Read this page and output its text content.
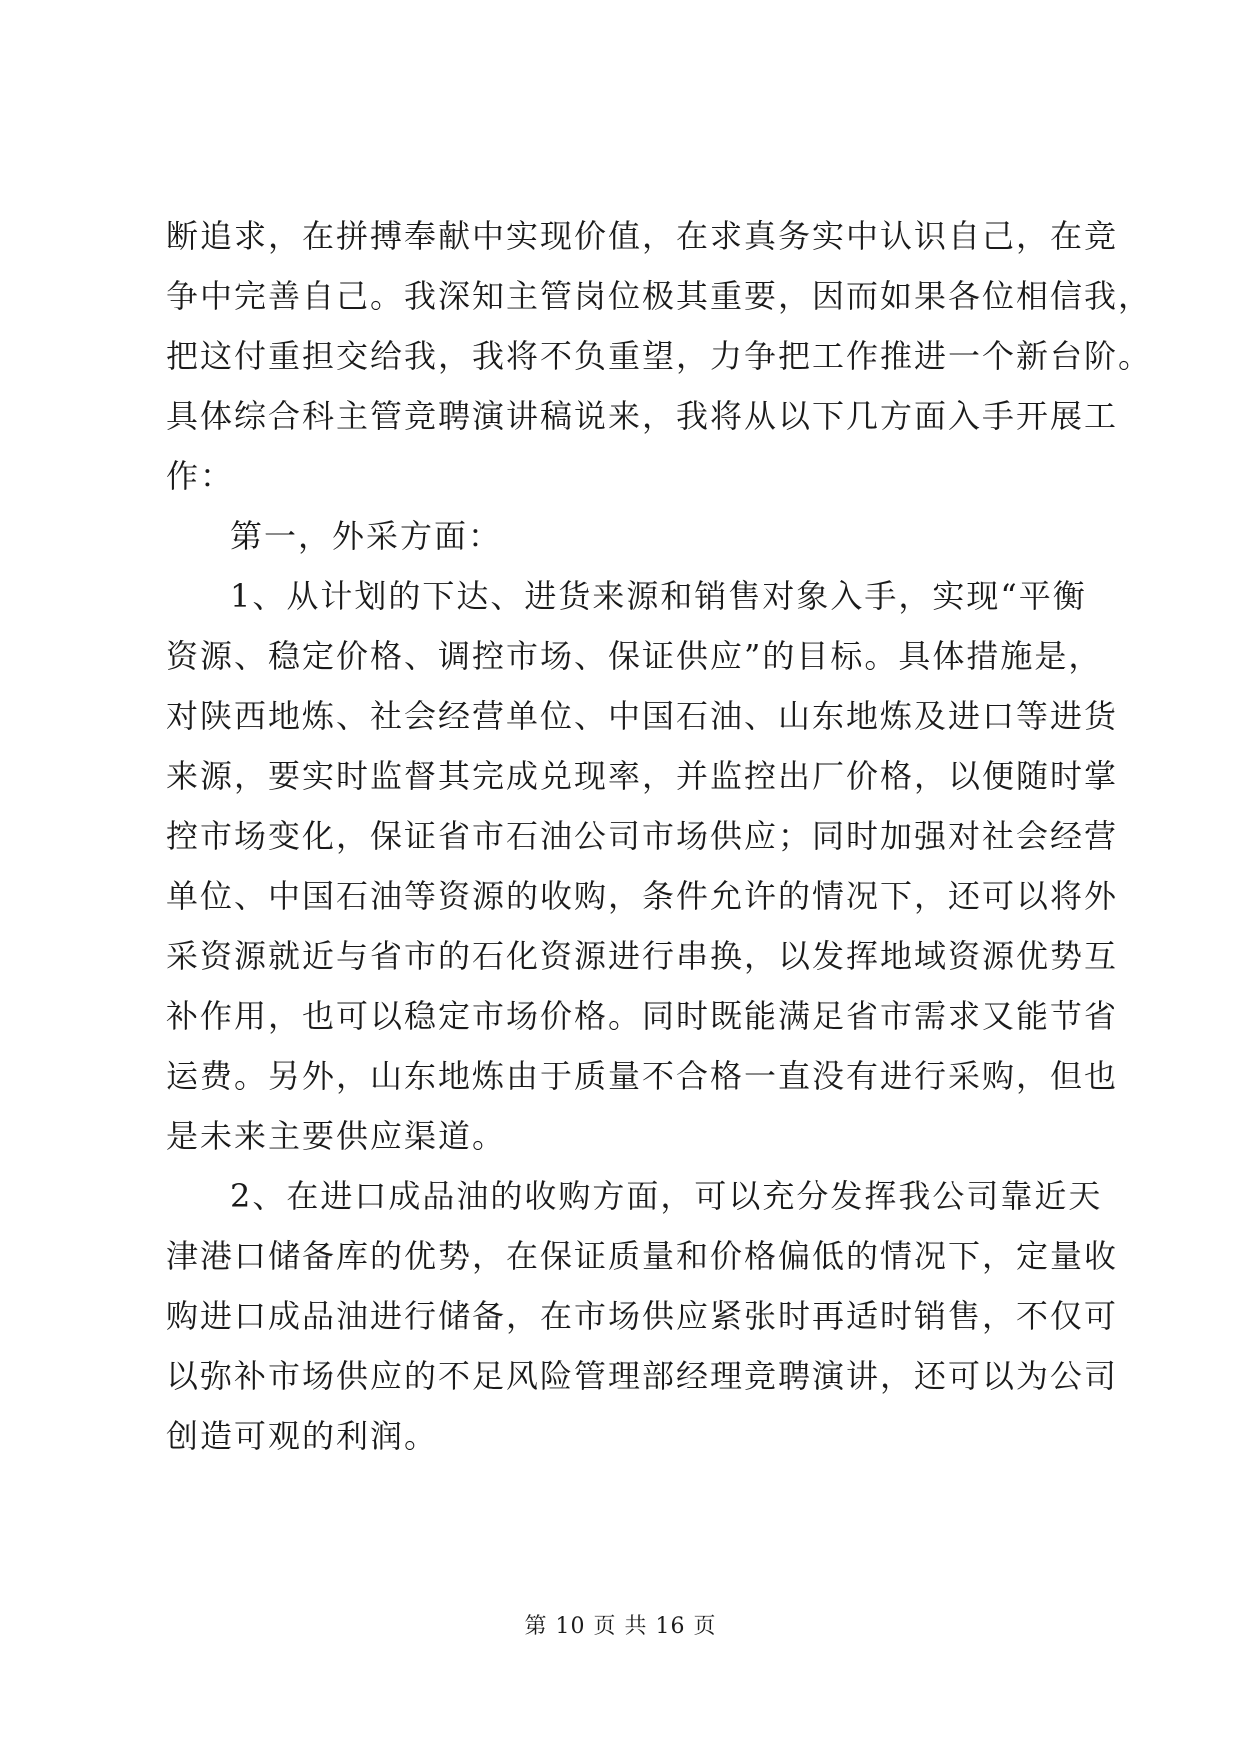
断追求，在拼搏奉献中实现价值，在求真务实中认识自己，在竞
争中完善自己。我深知主管岗位极其重要，因而如果各位相信我，
把这付重担交给我，我将不负重望，力争把工作推进一个新台阶。
具体综合科主管竞聘演讲稿说来，我将从以下几方面入手开展工
作：
第一，外采方面：
1、从计划的下达、进货来源和销售对象入手，实现“平衡
资源、稳定价格、调控市场、保证供应”的目标。具体措施是，
对陕西地炼、社会经营单位、中国石油、山东地炼及进口等进货
来源，要实时监督其完成兑现率，并监控出厂价格，以便随时掌
控市场变化，保证省市石油公司市场供应；同时加强对社会经营
单位、中国石油等资源的收购，条件允许的情况下，还可以将外
采资源就近与省市的石化资源进行串换，以发挥地域资源优势互
补作用，也可以稳定市场价格。同时既能满足省市需求又能节省
运费。另外，山东地炼由于质量不合格一直没有进行采购，但也
是未来主要供应渠道。
2、在进口成品油的收购方面，可以充分发挥我公司靠近天
津港口储备库的优势，在保证质量和价格偏低的情况下，定量收
购进口成品油进行储备，在市场供应紧张时再适时销售，不仅可
以弥补市场供应的不足风险管理部经理竞聘演讲，还可以为公司
创造可观的利润。
第 10 页 共 16 页
